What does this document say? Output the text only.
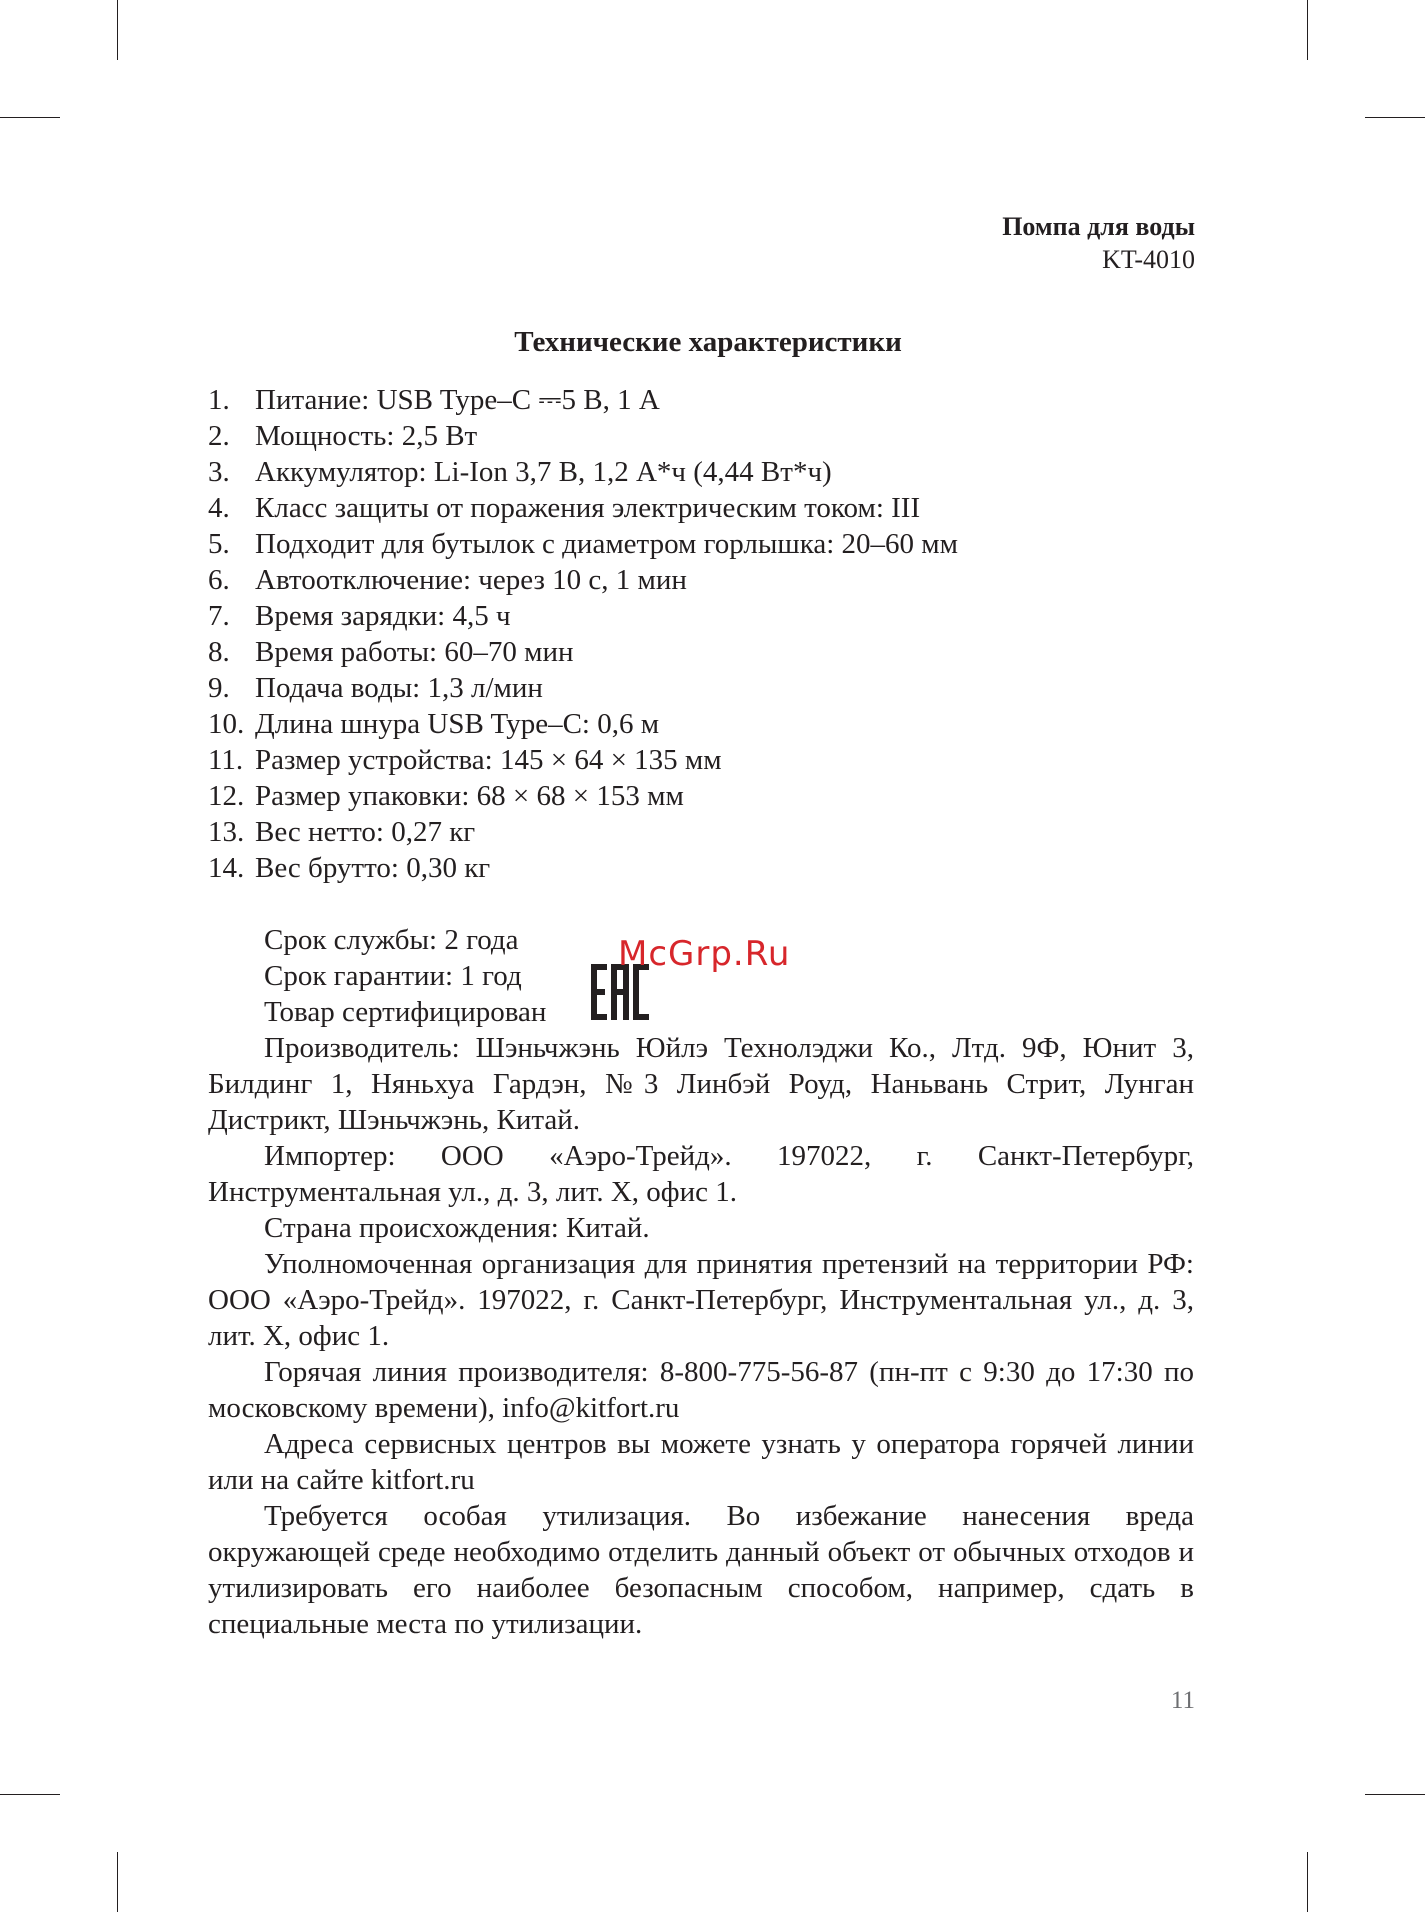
Помпа для воды
KT-4010
Технические характеристики
1. Питание: USB Type–C ⎓5 В, 1 А
2. Мощность: 2,5 Вт
3. Аккумулятор: Li-Ion 3,7 В, 1,2 А*ч (4,44 Вт*ч)
4. Класс защиты от поражения электрическим током: III
5. Подходит для бутылок с диаметром горлышка: 20–60 мм
6. Автоотключение: через 10 с, 1 мин
7. Время зарядки: 4,5 ч
8. Время работы: 60–70 мин
9. Подача воды: 1,3 л/мин
10. Длина шнура USB Type–C: 0,6 м
11. Размер устройства: 145 × 64 × 135 мм
12. Размер упаковки: 68 × 68 × 153 мм
13. Вес нетто: 0,27 кг
14. Вес брутто: 0,30 кг

Срок службы: 2 года

Срок гарантии: 1 год

Товар сертифицирован

Производитель: Шэньчжэнь Юйлэ Технолэджи Ко., Лтд. 9Ф, Юнит 3, Билдинг 1, Няньхуа Гардэн, №3 Линбэй Роуд, Наньвань Стрит, Лунган Дистрикт, Шэньчжэнь, Китай.

Импортер: ООО «Аэро-Трейд». 197022, г. Санкт-Петербург, Инструментальная ул., д. 3, лит. Х, офис 1.

Страна происхождения: Китай.

Уполномоченная организация для принятия претензий на территории РФ: ООО «Аэро-Трейд». 197022, г. Санкт-Петербург, Инструментальная ул., д. 3, лит. Х, офис 1.

Горячая линия производителя: 8-800-775-56-87 (пн-пт с 9:30 до 17:30 по московскому времени), info@kitfort.ru

Адреса сервисных центров вы можете узнать у оператора горячей линии или на сайте kitfort.ru

Требуется особая утилизация. Во избежание нанесения вреда окружающей среде необходимо отделить данный объект от обычных отходов и утилизировать его наиболее безопасным способом, например, сдать в специальные места по утилизации.

McGrp.Ru
11
